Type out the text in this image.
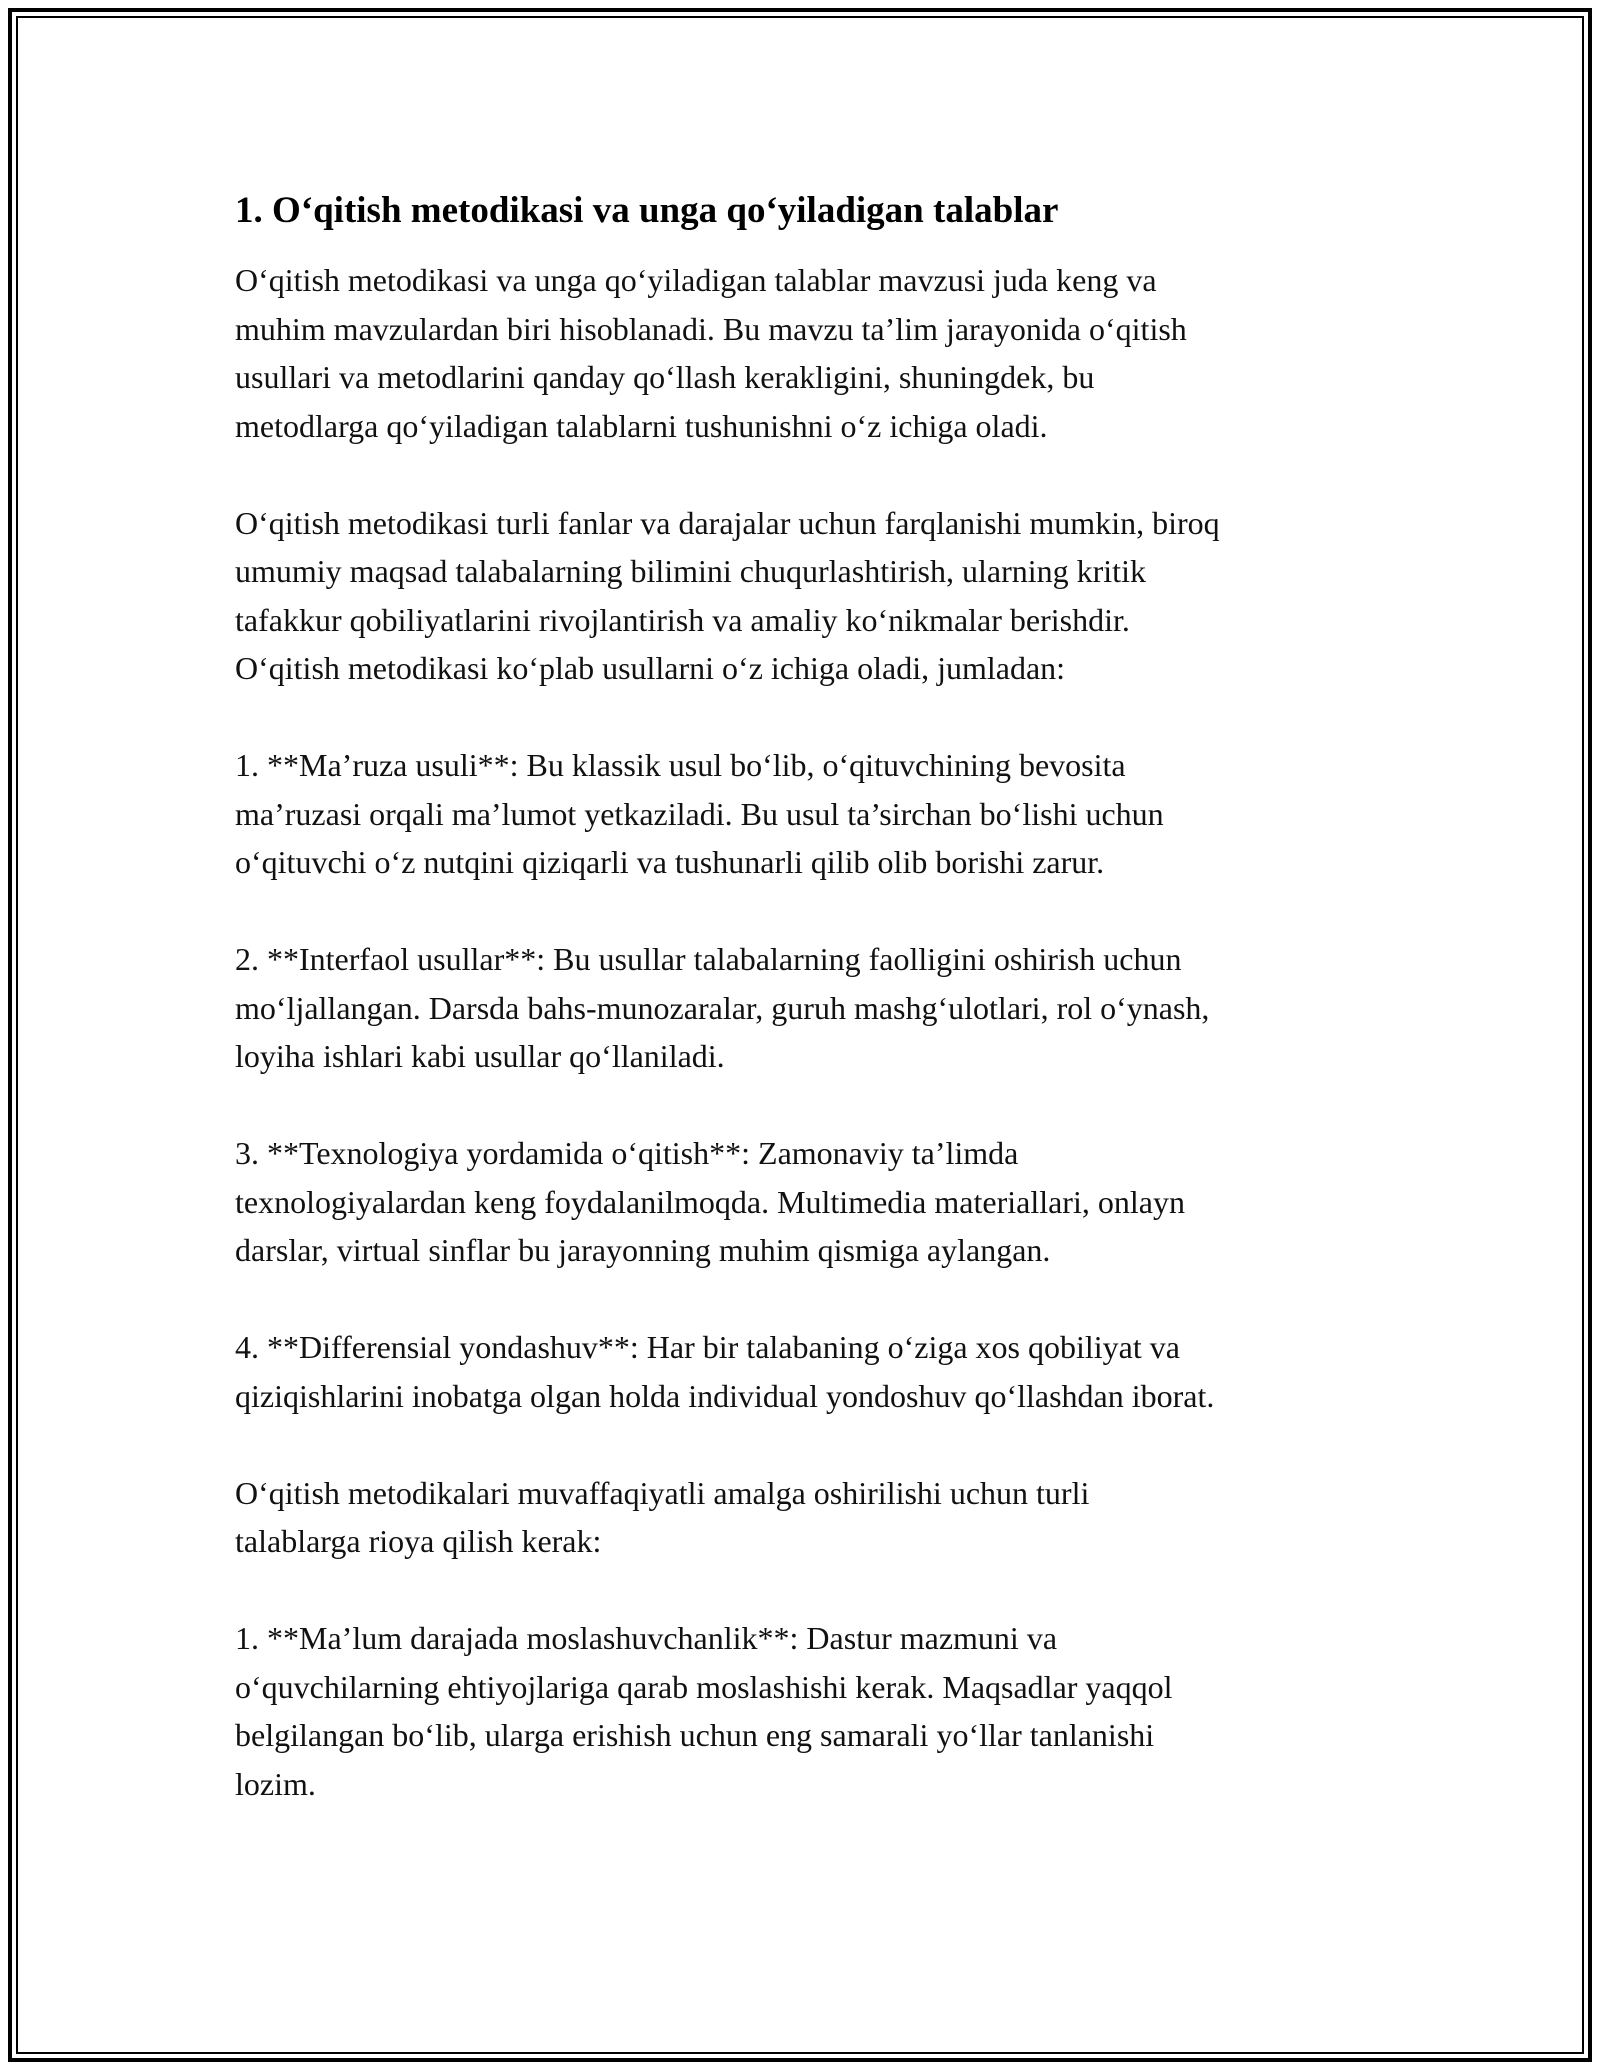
1. O‘qitish metodikasi va unga qo‘yiladigan talablar

O‘qitish metodikasi va unga qo‘yiladigan talablar mavzusi juda keng va
muhim mavzulardan biri hisoblanadi. Bu mavzu ta’lim jarayonida o‘qitish
usullari va metodlarini qanday qo‘llash kerakligini, shuningdek, bu
metodlarga qo‘yiladigan talablarni tushunishni o‘z ichiga oladi.

O‘qitish metodikasi turli fanlar va darajalar uchun farqlanishi mumkin, biroq
umumiy maqsad talabalarning bilimini chuqurlashtirish, ularning kritik
tafakkur qobiliyatlarini rivojlantirish va amaliy ko‘nikmalar berishdir.
O‘qitish metodikasi ko‘plab usullarni o‘z ichiga oladi, jumladan:

1. **Ma’ruza usuli**: Bu klassik usul bo‘lib, o‘qituvchining bevosita
ma’ruzasi orqali ma’lumot yetkaziladi. Bu usul ta’sirchan bo‘lishi uchun
o‘qituvchi o‘z nutqini qiziqarli va tushunarli qilib olib borishi zarur.

2. **Interfaol usullar**: Bu usullar talabalarning faolligini oshirish uchun
mo‘ljallangan. Darsda bahs-munozaralar, guruh mashg‘ulotlari, rol o‘ynash,
loyiha ishlari kabi usullar qo‘llaniladi.

3. **Texnologiya yordamida o‘qitish**: Zamonaviy ta’limda
texnologiyalardan keng foydalanilmoqda. Multimedia materiallari, onlayn
darslar, virtual sinflar bu jarayonning muhim qismiga aylangan.

4. **Differensial yondashuv**: Har bir talabaning o‘ziga xos qobiliyat va
qiziqishlarini inobatga olgan holda individual yondoshuv qo‘llashdan iborat.

O‘qitish metodikalari muvaffaqiyatli amalga oshirilishi uchun turli
talablarga rioya qilish kerak:

1. **Ma’lum darajada moslashuvchanlik**: Dastur mazmuni va
o‘quvchilarning ehtiyojlariga qarab moslashishi kerak. Maqsadlar yaqqol
belgilangan bo‘lib, ularga erishish uchun eng samarali yo‘llar tanlanishi
lozim.
